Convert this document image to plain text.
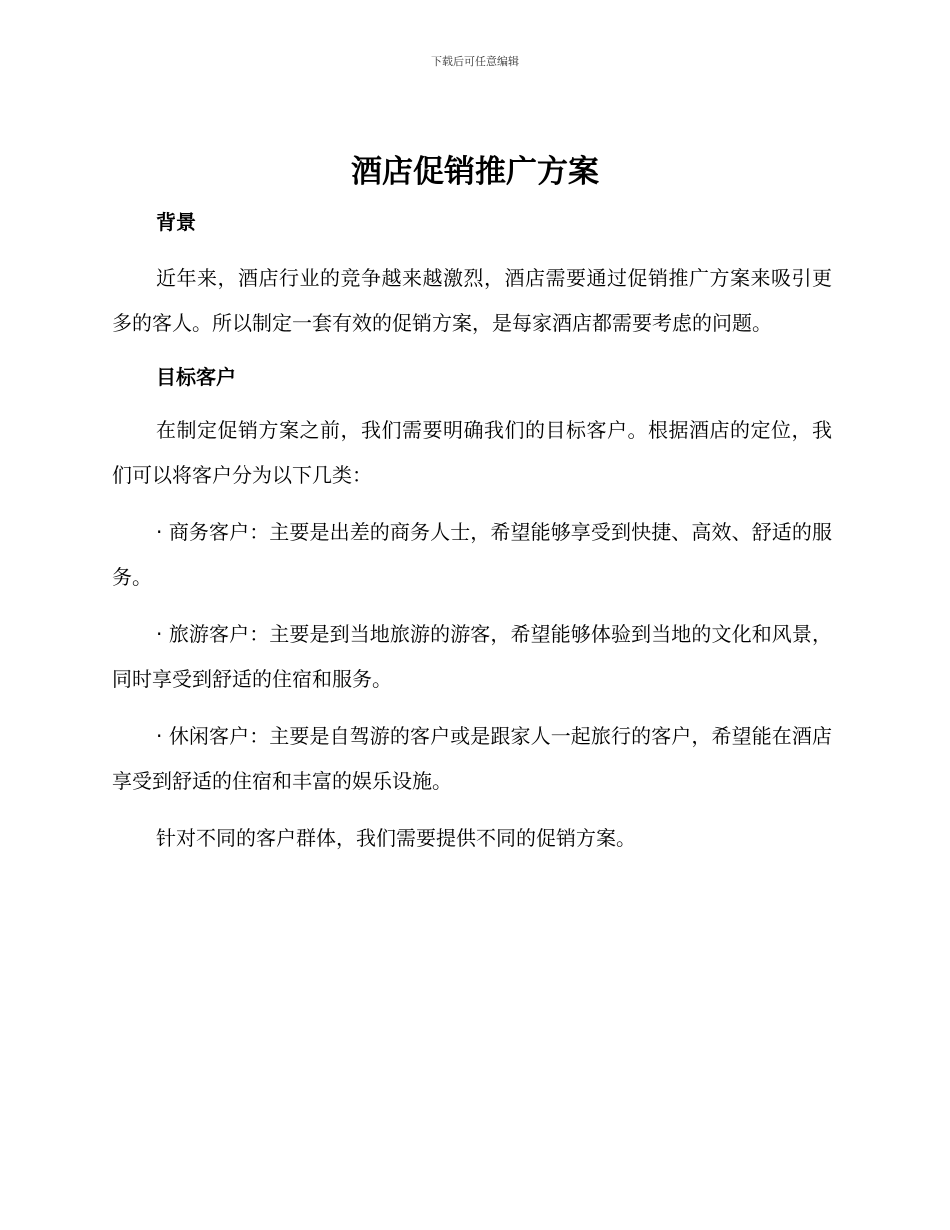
下载后可任意编辑
酒店促销推广方案
背景

近年来，酒店行业的竞争越来越激烈，酒店需要通过促销推广方案来吸引更多的客人。所以制定一套有效的促销方案，是每家酒店都需要考虑的问题。

目标客户

在制定促销方案之前，我们需要明确我们的目标客户。根据酒店的定位，我们可以将客户分为以下几类：

· 商务客户：主要是出差的商务人士，希望能够享受到快捷、高效、舒适的服务。

· 旅游客户：主要是到当地旅游的游客，希望能够体验到当地的文化和风景，同时享受到舒适的住宿和服务。

· 休闲客户：主要是自驾游的客户或是跟家人一起旅行的客户，希望能在酒店享受到舒适的住宿和丰富的娱乐设施。

针对不同的客户群体，我们需要提供不同的促销方案。
